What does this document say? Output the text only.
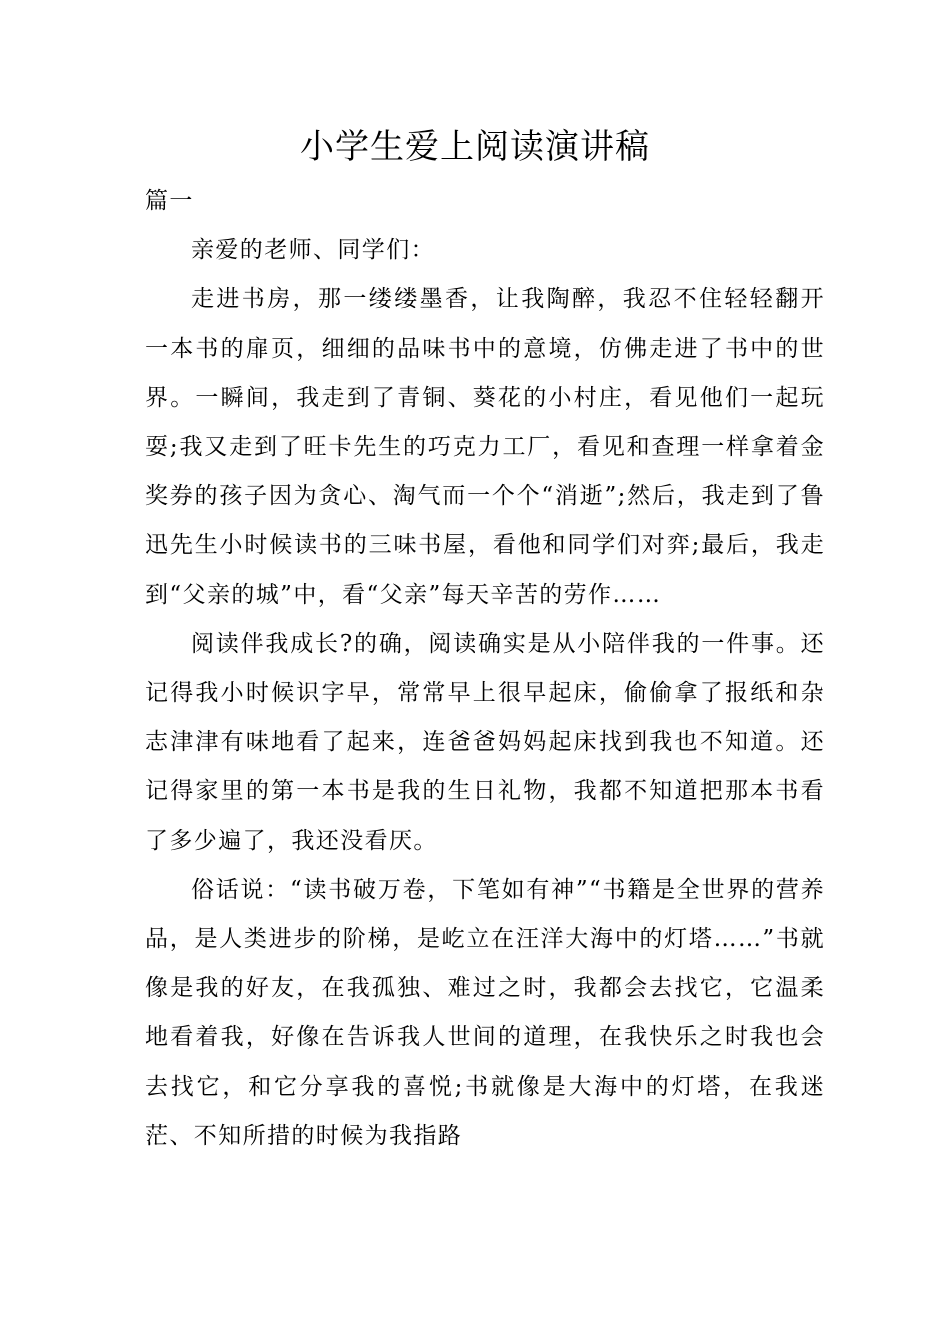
小学生爱上阅读演讲稿

篇一

亲爱的老师、同学们：

走进书房，那一缕缕墨香，让我陶醉，我忍不住轻轻翻开一本书的扉页，细细的品味书中的意境，仿佛走进了书中的世界。一瞬间，我走到了青铜、葵花的小村庄，看见他们一起玩耍;我又走到了旺卡先生的巧克力工厂，看见和查理一样拿着金奖券的孩子因为贪心、淘气而一个个“消逝”;然后，我走到了鲁迅先生小时候读书的三味书屋，看他和同学们对弈;最后，我走到“父亲的城”中，看“父亲”每天辛苦的劳作……

阅读伴我成长?的确，阅读确实是从小陪伴我的一件事。还记得我小时候识字早，常常早上很早起床，偷偷拿了报纸和杂志津津有味地看了起来，连爸爸妈妈起床找到我也不知道。还记得家里的第一本书是我的生日礼物，我都不知道把那本书看了多少遍了，我还没看厌。

俗话说：“读书破万卷，下笔如有神”“书籍是全世界的营养品，是人类进步的阶梯，是屹立在汪洋大海中的灯塔……”书就像是我的好友，在我孤独、难过之时，我都会去找它，它温柔地看着我，好像在告诉我人世间的道理，在我快乐之时我也会去找它，和它分享我的喜悦;书就像是大海中的灯塔，在我迷茫、不知所措的时候为我指路
